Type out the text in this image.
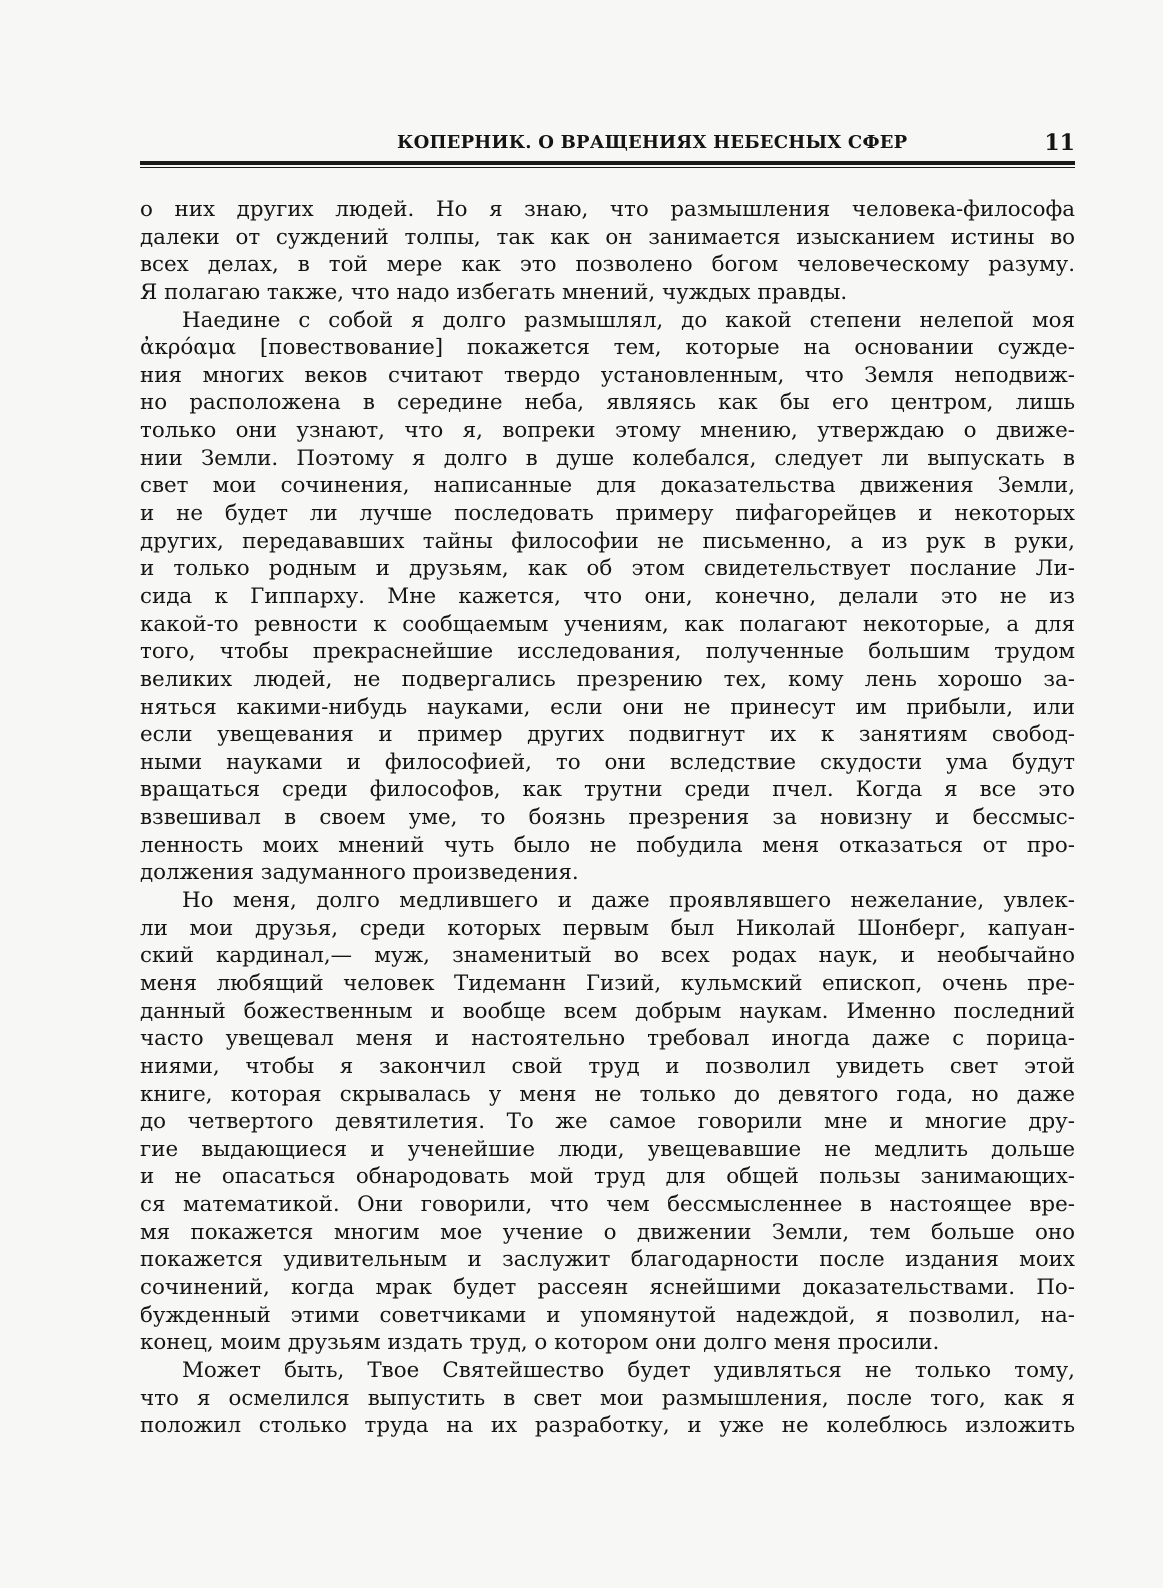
КОПЕРНИК. О ВРАЩЕНИЯХ НЕБЕСНЫХ СФЕР	11
о них других людей. Но я знаю, что размышления человека-философа
далеки от суждений толпы, так как он занимается изысканием истины во
всех делах, в той мере как это позволено богом человеческому разуму.
Я полагаю также, что надо избегать мнений, чуждых правды.
Наедине с собой я долго размышлял, до какой степени нелепой моя
ἀκρόαμα [повествование] покажется тем, которые на основании сужде-
ния многих веков считают твердо установленным, что Земля неподвиж-
но расположена в середине неба, являясь как бы его центром, лишь
только они узнают, что я, вопреки этому мнению, утверждаю о движе-
нии Земли. Поэтому я долго в душе колебался, следует ли выпускать в
свет мои сочинения, написанные для доказательства движения Земли,
и не будет ли лучше последовать примеру пифагорейцев и некоторых
других, передававших тайны философии не письменно, а из рук в руки,
и только родным и друзьям, как об этом свидетельствует послание Ли-
сида к Гиппарху. Мне кажется, что они, конечно, делали это не из
какой-то ревности к сообщаемым учениям, как полагают некоторые, а для
того, чтобы прекраснейшие исследования, полученные большим трудом
великих людей, не подвергались презрению тех, кому лень хорошо за-
няться какими-нибудь науками, если они не принесут им прибыли, или
если увещевания и пример других подвигнут их к занятиям свобод-
ными науками и философией, то они вследствие скудости ума будут
вращаться среди философов, как трутни среди пчел. Когда я все это
взвешивал в своем уме, то боязнь презрения за новизну и бессмыс-
ленность моих мнений чуть было не побудила меня отказаться от про-
должения задуманного произведения.
Но меня, долго медлившего и даже проявлявшего нежелание, увлек-
ли мои друзья, среди которых первым был Николай Шонберг, капуан-
ский кардинал,— муж, знаменитый во всех родах наук, и необычайно
меня любящий человек Тидеманн Гизий, кульмский епископ, очень пре-
данный божественным и вообще всем добрым наукам. Именно последний
часто увещевал меня и настоятельно требовал иногда даже с порица-
ниями, чтобы я закончил свой труд и позволил увидеть свет этой
книге, которая скрывалась у меня не только до девятого года, но даже
до четвертого девятилетия. То же самое говорили мне и многие дру-
гие выдающиеся и ученейшие люди, увещевавшие не медлить дольше
и не опасаться обнародовать мой труд для общей пользы занимающих-
ся математикой. Они говорили, что чем бессмысленнее в настоящее вре-
мя покажется многим мое учение о движении Земли, тем больше оно
покажется удивительным и заслужит благодарности после издания моих
сочинений, когда мрак будет рассеян яснейшими доказательствами. По-
бужденный этими советчиками и упомянутой надеждой, я позволил, на-
конец, моим друзьям издать труд, о котором они долго меня просили.
Может быть, Твое Святейшество будет удивляться не только тому,
что я осмелился выпустить в свет мои размышления, после того, как я
положил столько труда на их разработку, и уже не колеблюсь изложить
